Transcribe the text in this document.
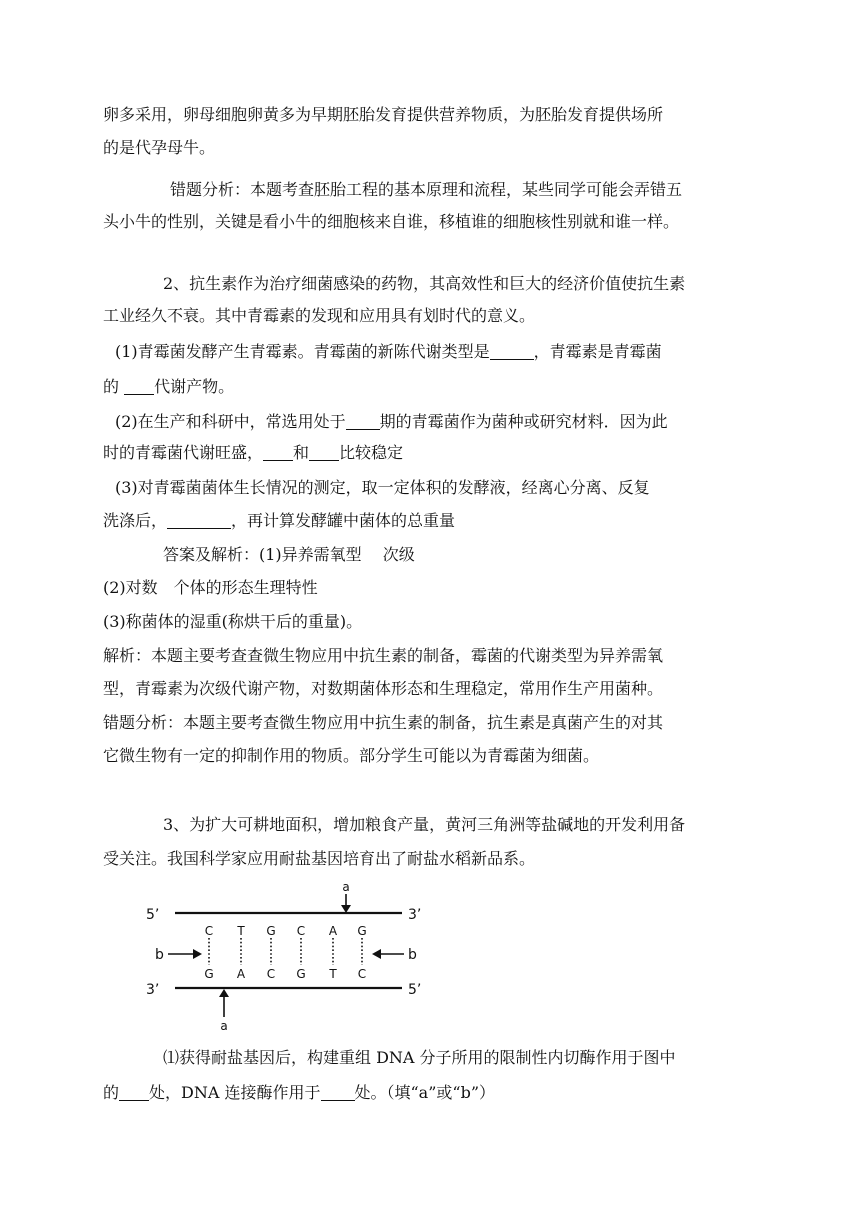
卵多采用，卵母细胞卵黄多为早期胚胎发育提供营养物质，为胚胎发育提供场所
的是代孕母牛。
错题分析：本题考查胚胎工程的基本原理和流程，某些同学可能会弄错五
头小牛的性别，关键是看小牛的细胞核来自谁，移植谁的细胞核性别就和谁一样。
2、抗生素作为治疗细菌感染的药物，其高效性和巨大的经济价值使抗生素
工业经久不衰。其中青霉素的发现和应用具有划时代的意义。
(1)青霉菌发酵产生青霉素。青霉菌的新陈代谢类型是	，青霉素是青霉菌
的 代谢产物。
(2)在生产和科研中，常选用处于 期的青霉菌作为菌种或研究材料．因为此
时的青霉菌代谢旺盛， 和 比较稳定
(3)对青霉菌菌体生长情况的测定，取一定体积的发酵液，经离心分离、反复
洗涤后，	，再计算发酵罐中菌体的总重量
答案及解析：(1)异养需氧型　 次级
(2)对数　个体的形态生理特性
(3)称菌体的湿重(称烘干后的重量)。
解析：本题主要考查查微生物应用中抗生素的制备，霉菌的代谢类型为异养需氧
型，青霉素为次级代谢产物，对数期菌体形态和生理稳定，常用作生产用菌种。
错题分析：本题主要考查微生物应用中抗生素的制备，抗生素是真菌产生的对其
它微生物有一定的抑制作用的物质。部分学生可能以为青霉菌为细菌。
3、为扩大可耕地面积，增加粮食产量，黄河三角洲等盐碱地的开发利用备
受关注。我国科学家应用耐盐基因培育出了耐盐水稻新品系。
5’	3’
3’	5’
C T G C A G
G A C G T C
a
a
b	b
⑴获得耐盐基因后，构建重组 DNA 分子所用的限制性内切酶作用于图中
的 处，DNA 连接酶作用于 处。（填“a”或“b”）
